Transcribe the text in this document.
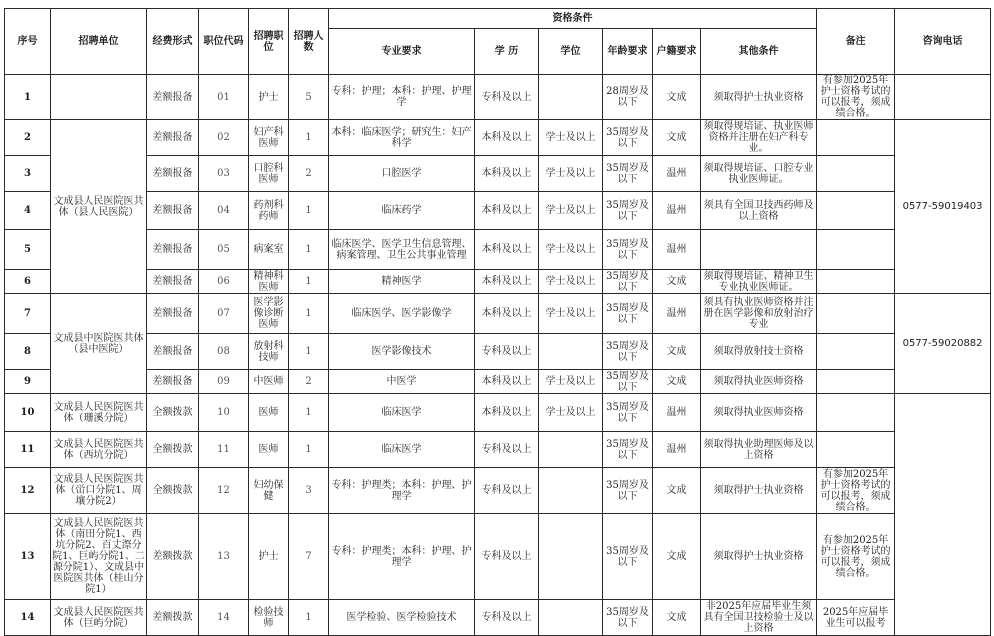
序号	招聘单位	经费形式	职位代码	招聘职位	招聘人数	资格条件						备注	咨询电话
						专业要求	学 历	学位	年龄要求	户籍要求	其他条件		
1		差额报备	01	护士	5	专科：护理；本科：护理、护理学	专科及以上		28周岁及以下	文成	须取得护士执业资格	有参加2025年护士资格考试的可以报考，须成绩合格。	
2	文成县人民医院医共体（县人民医院）	差额报备	02	妇产科医师	1	本科：临床医学；研究生：妇产科学	本科及以上	学士及以上	35周岁及以下	文成	须取得规培证、执业医师资格并注册在妇产科专业。		0577-59019403
3		差额报备	03	口腔科医师	2	口腔医学	本科及以上	学士及以上	35周岁及以下	温州	须取得规培证、口腔专业执业医师证。		
4		差额报备	04	药剂科药师	1	临床药学	本科及以上	学士及以上	35周岁及以下	温州	须具有全国卫技西药师及以上资格		
5		差额报备	05	病案室	1	临床医学、医学卫生信息管理、病案管理、卫生公共事业管理	本科及以上	学士及以上	35周岁及以下	温州			
6		差额报备	06	精神科医师	1	精神医学	本科及以上	学士及以上	35周岁及以下	文成	须取得规培证、精神卫生专业执业医师证。		
7	文成县中医院医共体（县中医院）	差额报备	07	医学影像诊断医师	1	临床医学、医学影像学	本科及以上	学士及以上	35周岁及以下	温州	须具有执业医师资格并注册在医学影像和放射治疗专业		0577-59020882
8		差额报备	08	放射科技师	1	医学影像技术	专科及以上		35周岁及以下	文成	须取得放射技士资格		
9		差额报备	09	中医师	2	中医学	本科及以上	学士及以上	35周岁及以下	文成	须取得执业医师资格		
10	文成县人民医院医共体（珊溪分院）	全额拨款	10	医师	1	临床医学	本科及以上	学士及以上	35周岁及以下	温州	须取得执业医师资格		
11	文成县人民医院医共体（西坑分院）	全额拨款	11	医师	1	临床医学	专科及以上		35周岁及以下	温州	须取得执业助理医师及以上资格		
12	文成县人民医院医共体（峃口分院1、周壤分院2）	全额拨款	12	妇幼保健	3	专科：护理类；本科：护理、护理学	专科及以上		35周岁及以下	文成	须取得护士执业资格	有参加2025年护士资格考试的可以报考，须成绩合格。	
13	文成县人民医院医共体（南田分院1、西坑分院2、百丈漈分院1、巨屿分院1、二源分院1）、文成县中医院医共体（桂山分院1）	差额拨款	13	护士	7	专科：护理类；本科：护理、护理学	专科及以上		35周岁及以下	文成	须取得护士执业资格	有参加2025年护士资格考试的可以报考，须成绩合格。	
14	文成县人民医院医共体（巨屿分院）	差额拨款	14	检验技师	1	医学检验、医学检验技术	专科及以上		35周岁及以下	文成	非2025年应届毕业生须具有全国卫技检验士及以上资格	2025年应届毕业生可以报考	
